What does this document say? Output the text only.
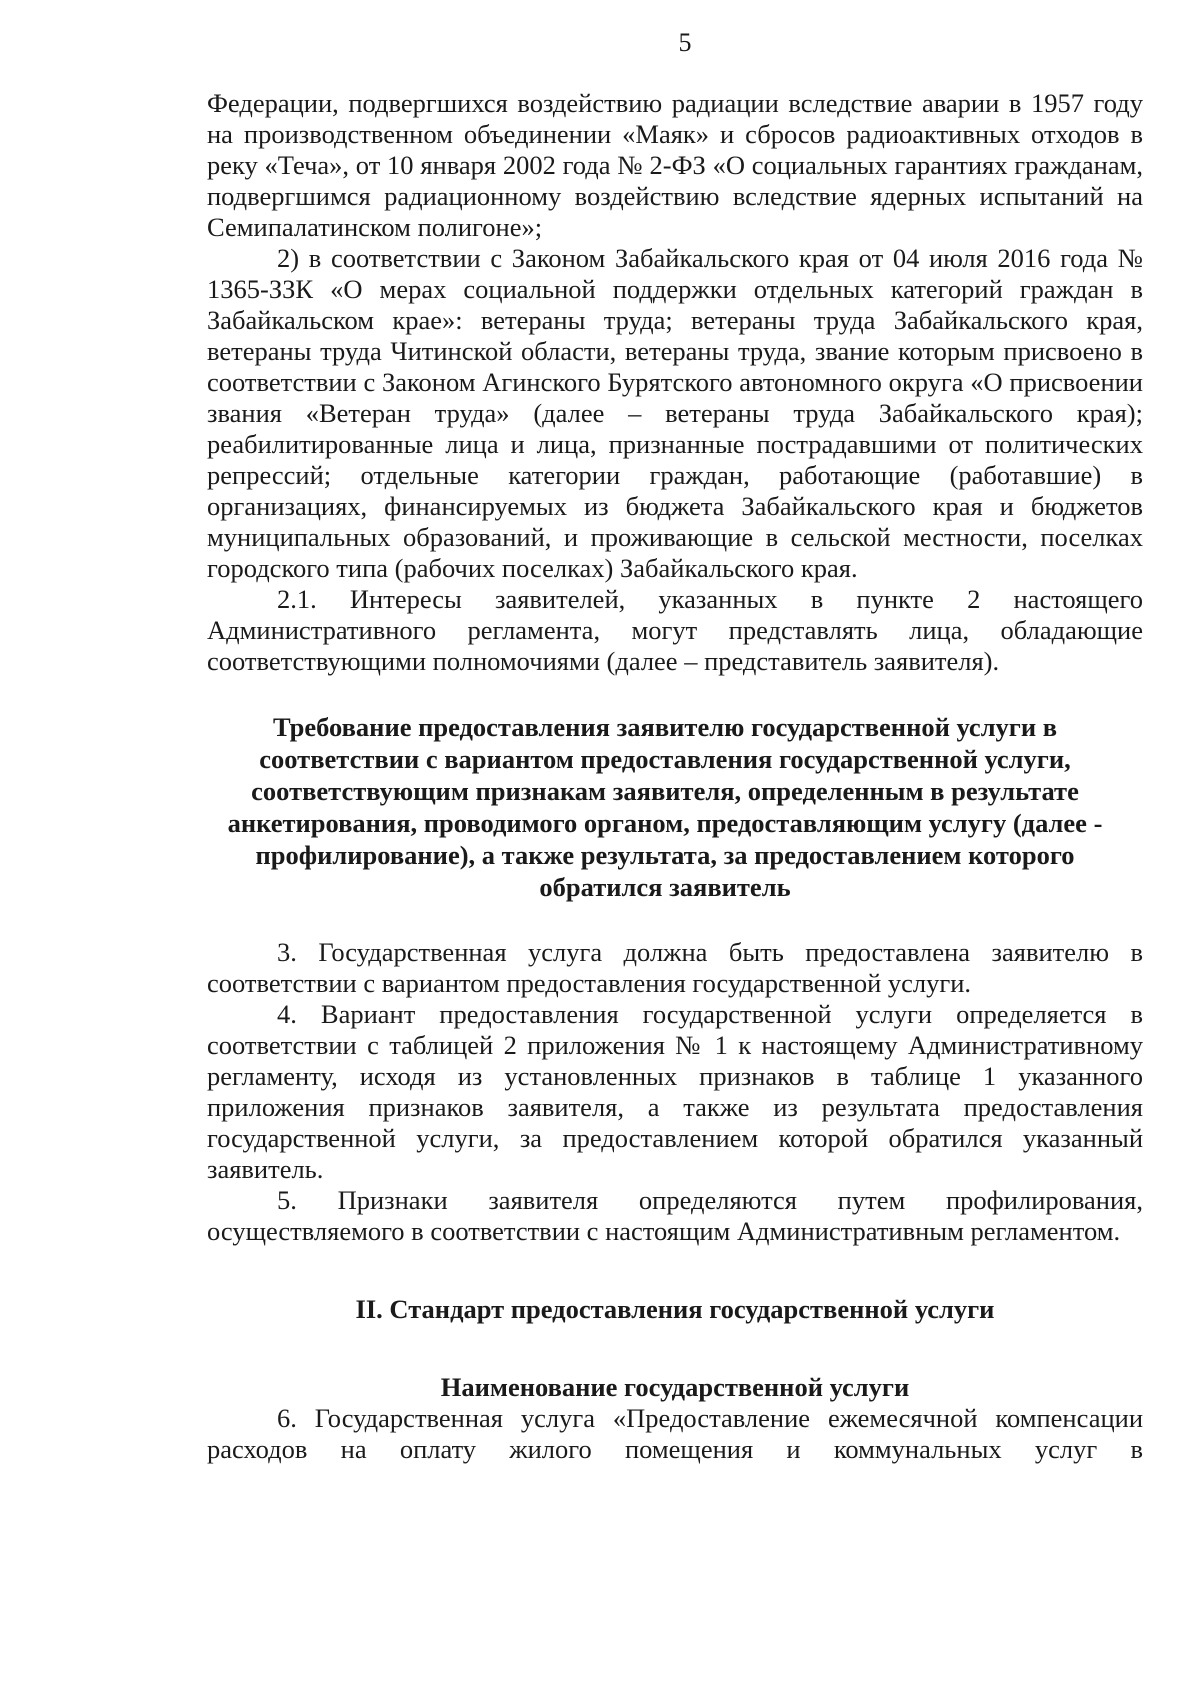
5

Федерации, подвергшихся воздействию радиации вследствие аварии в 1957 году на производственном объединении «Маяк» и сбросов радиоактивных отходов в реку «Теча», от 10 января 2002 года № 2-ФЗ «О социальных гарантиях гражданам, подвергшимся радиационному воздействию вследствие ядерных испытаний на Семипалатинском полигоне»;

2) в соответствии с Законом Забайкальского края от 04 июля 2016 года № 1365-ЗЗК «О мерах социальной поддержки отдельных категорий граждан в Забайкальском крае»: ветераны труда; ветераны труда Забайкальского края, ветераны труда Читинской области, ветераны труда, звание которым присвоено в соответствии с Законом Агинского Бурятского автономного округа «О присвоении звания «Ветеран труда» (далее – ветераны труда Забайкальского края); реабилитированные лица и лица, признанные пострадавшими от политических репрессий; отдельные категории граждан, работающие (работавшие) в организациях, финансируемых из бюджета Забайкальского края и бюджетов муниципальных образований, и проживающие в сельской местности, поселках городского типа (рабочих поселках) Забайкальского края.

2.1. Интересы заявителей, указанных в пункте 2 настоящего Административного регламента, могут представлять лица, обладающие соответствующими полномочиями (далее – представитель заявителя).

Требование предоставления заявителю государственной услуги в соответствии с вариантом предоставления государственной услуги, соответствующим признакам заявителя, определенным в результате анкетирования, проводимого органом, предоставляющим услугу (далее - профилирование), а также результата, за предоставлением которого обратился заявитель

3. Государственная услуга должна быть предоставлена заявителю в соответствии с вариантом предоставления государственной услуги.

4. Вариант предоставления государственной услуги определяется в соответствии с таблицей 2 приложения № 1 к настоящему Административному регламенту, исходя из установленных признаков в таблице 1 указанного приложения признаков заявителя, а также из результата предоставления государственной услуги, за предоставлением которой обратился указанный заявитель.

5. Признаки заявителя определяются путем профилирования, осуществляемого в соответствии с настоящим Административным регламентом.

II. Стандарт предоставления государственной услуги

Наименование государственной услуги

6. Государственная услуга «Предоставление ежемесячной компенсации расходов на оплату жилого помещения и коммунальных услуг в
